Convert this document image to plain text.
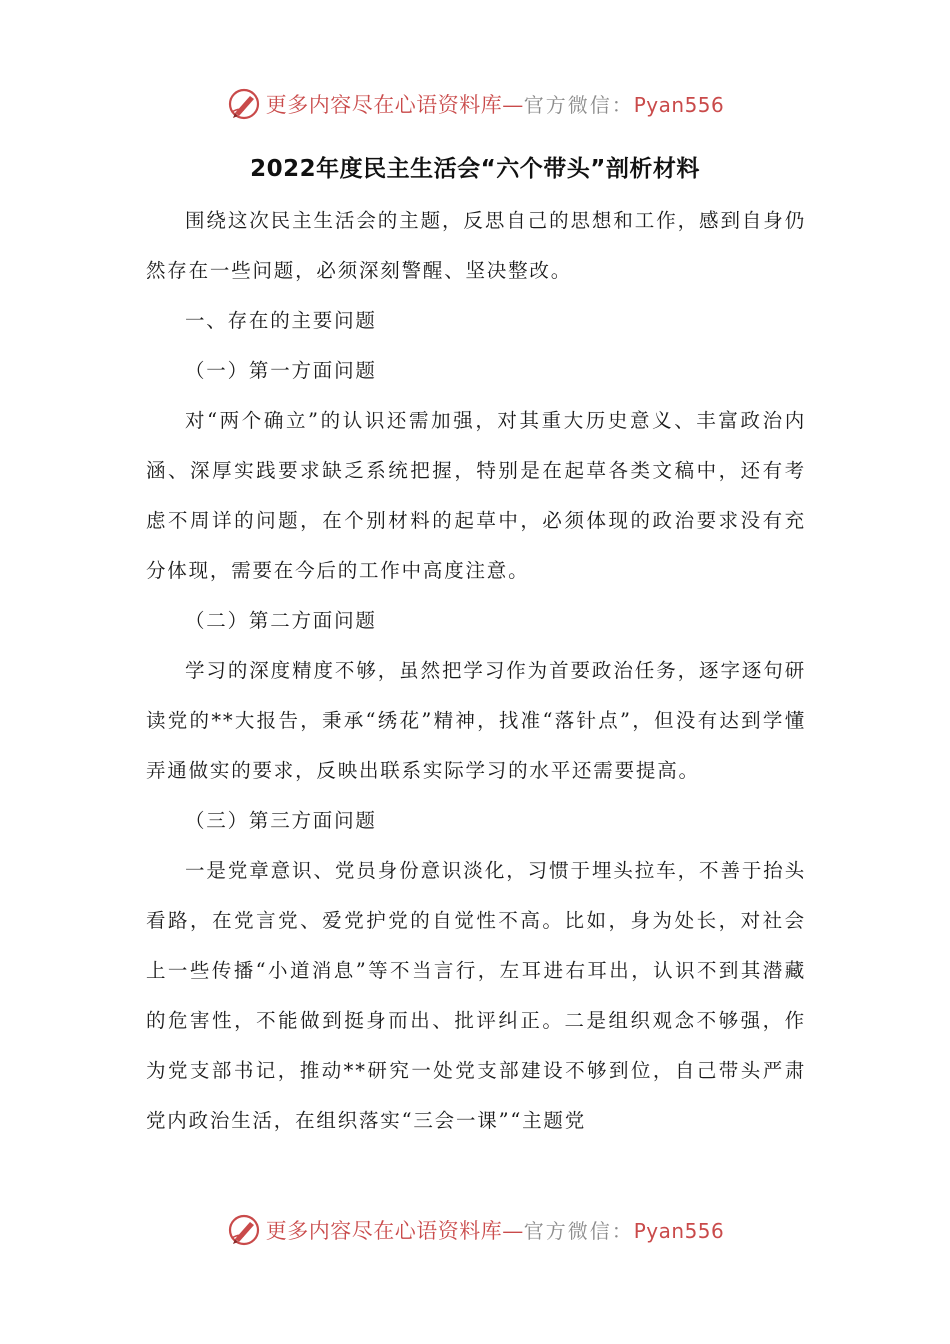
更多内容尽在心语资料库—官方微信：Pyan556
2022年度民主生活会“六个带头”剖析材料

围绕这次民主生活会的主题，反思自己的思想和工作，感到自身仍然存在一些问题，必须深刻警醒、坚决整改。

一、存在的主要问题

（一）第一方面问题

对“两个确立”的认识还需加强，对其重大历史意义、丰富政治内涵、深厚实践要求缺乏系统把握，特别是在起草各类文稿中，还有考虑不周详的问题，在个别材料的起草中，必须体现的政治要求没有充分体现，需要在今后的工作中高度注意。

（二）第二方面问题

学习的深度精度不够，虽然把学习作为首要政治任务，逐字逐句研读党的**大报告，秉承“绣花”精神，找准“落针点”，但没有达到学懂弄通做实的要求，反映出联系实际学习的水平还需要提高。

（三）第三方面问题

一是党章意识、党员身份意识淡化，习惯于埋头拉车，不善于抬头看路，在党言党、爱党护党的自觉性不高。比如，身为处长，对社会上一些传播“小道消息”等不当言行，左耳进右耳出，认识不到其潜藏的危害性，不能做到挺身而出、批评纠正。二是组织观念不够强，作为党支部书记，推动**研究一处党支部建设不够到位，自己带头严肃党内政治生活，在组织落实“三会一课”“主题党

更多内容尽在心语资料库—官方微信：Pyan556
